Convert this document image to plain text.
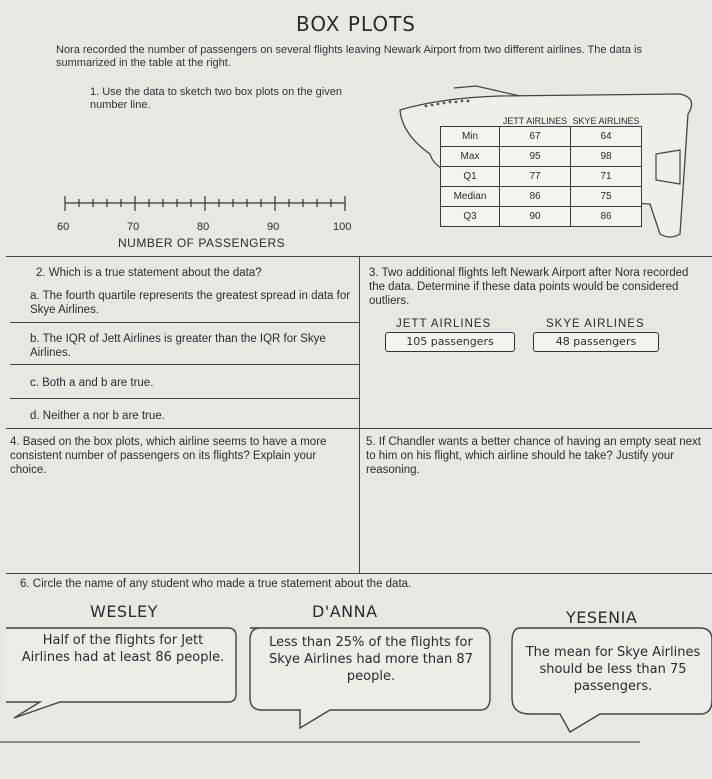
BOX PLOTS
Nora recorded the number of passengers on several flights leaving Newark Airport from two different airlines. The data is summarized in the table at the right.
1. Use the data to sketch two box plots on the given number line.
60	70	80	90	100
NUMBER OF PASSENGERS
	JETT AIRLINES	SKYE AIRLINES
Min	67	64
Max	95	98
Q1	77	71
Median	86	75
Q3	90	86
2. Which is a true statement about the data?
a. The fourth quartile represents the greatest spread in data for Skye Airlines.
b. The IQR of Jett Airlines is greater than the IQR for Skye Airlines.
c. Both a and b are true.
d. Neither a nor b are true.
3. Two additional flights left Newark Airport after Nora recorded the data. Determine if these data points would be considered outliers.
JETT AIRLINES	SKYE AIRLINES
105 passengers	48 passengers
4. Based on the box plots, which airline seems to have a more consistent number of passengers on its flights? Explain your choice.
5. If Chandler wants a better chance of having an empty seat next to him on his flight, which airline should he take? Justify your reasoning.
6. Circle the name of any student who made a true statement about the data.
WESLEY	D'ANNA	YESENIA
Half of the flights for Jett Airlines had at least 86 people.
Less than 25% of the flights for Skye Airlines had more than 87 people.
The mean for Skye Airlines should be less than 75 passengers.
